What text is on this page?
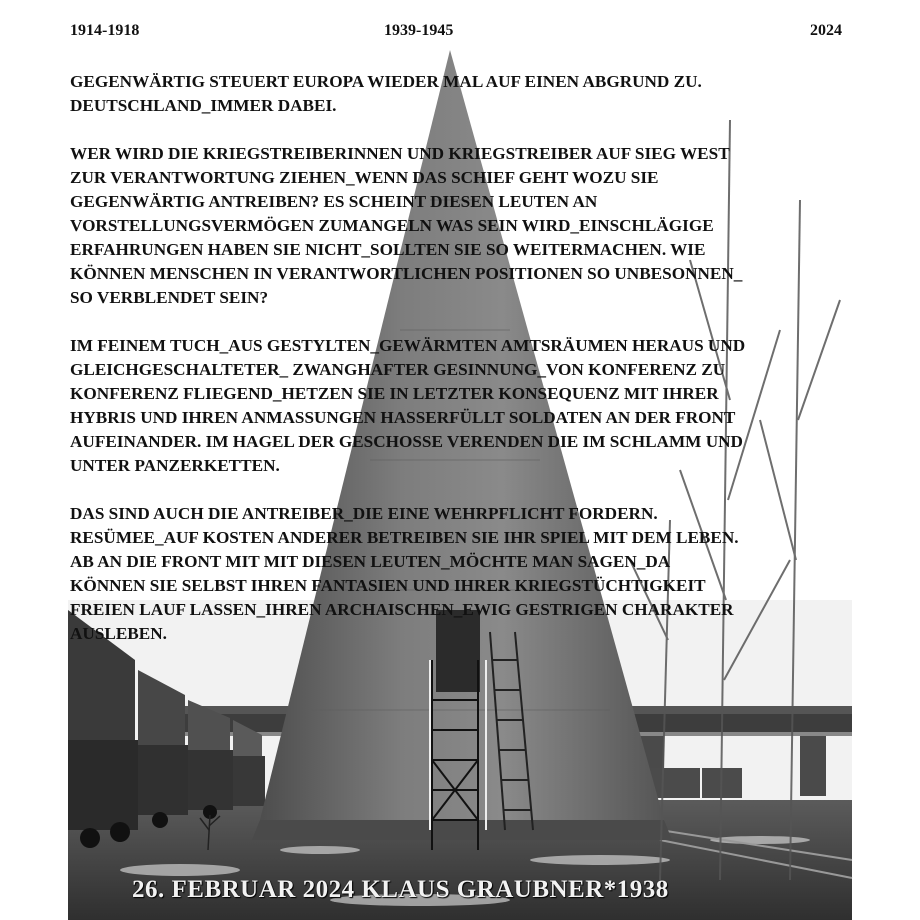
1914-1918	1939-1945	2024

GEGENWÄRTIG STEUERT EUROPA WIEDER MAL AUF EINEN ABGRUND ZU.
DEUTSCHLAND_IMMER DABEI.

WER WIRD DIE KRIEGSTREIBERINNEN UND KRIEGSTREIBER AUF SIEG WEST
ZUR VERANTWORTUNG ZIEHEN_WENN DAS SCHIEF GEHT WOZU SIE
GEGENWÄRTIG ANTREIBEN? ES SCHEINT DIESEN LEUTEN AN
VORSTELLUNGSVERMÖGEN ZUMANGELN WAS SEIN WIRD_EINSCHLÄGIGE
ERFAHRUNGEN HABEN SIE NICHT_SOLLTEN SIE SO WEITERMACHEN. WIE
KÖNNEN MENSCHEN IN VERANTWORTLICHEN POSITIONEN SO UNBESONNEN_
SO VERBLENDET SEIN?

IM FEINEM TUCH_AUS GESTYLTEN_GEWÄRMTEN AMTSRÄUMEN HERAUS UND
GLEICHGESCHALTETER_ ZWANGHAFTER GESINNUNG_VON KONFERENZ ZU
KONFERENZ FLIEGEND_HETZEN SIE IN LETZTER KONSEQUENZ MIT IHRER
HYBRIS UND IHREN ANMASSUNGEN HASSERFÜLLT SOLDATEN AN DER FRONT
AUFEINANDER. IM HAGEL DER GESCHOSSE VERENDEN DIE IM SCHLAMM UND
UNTER PANZERKETTEN.

DAS SIND AUCH DIE ANTREIBER_DIE EINE WEHRPFLICHT FORDERN.
RESÜMEE_AUF KOSTEN ANDERER BETREIBEN SIE IHR SPIEL MIT DEM LEBEN.
AB AN DIE FRONT MIT MIT DIESEN LEUTEN_MÖCHTE MAN SAGEN_DA
KÖNNEN SIE SELBST IHREN FANTASIEN UND IHRER KRIEGSTÜCHTIGKEIT
FREIEN LAUF LASSEN_IHREN ARCHAISCHEN_EWIG GESTRIGEN CHARAKTER
AUSLEBEN.

26. FEBRUAR 2024 KLAUS GRAUBNER*1938
